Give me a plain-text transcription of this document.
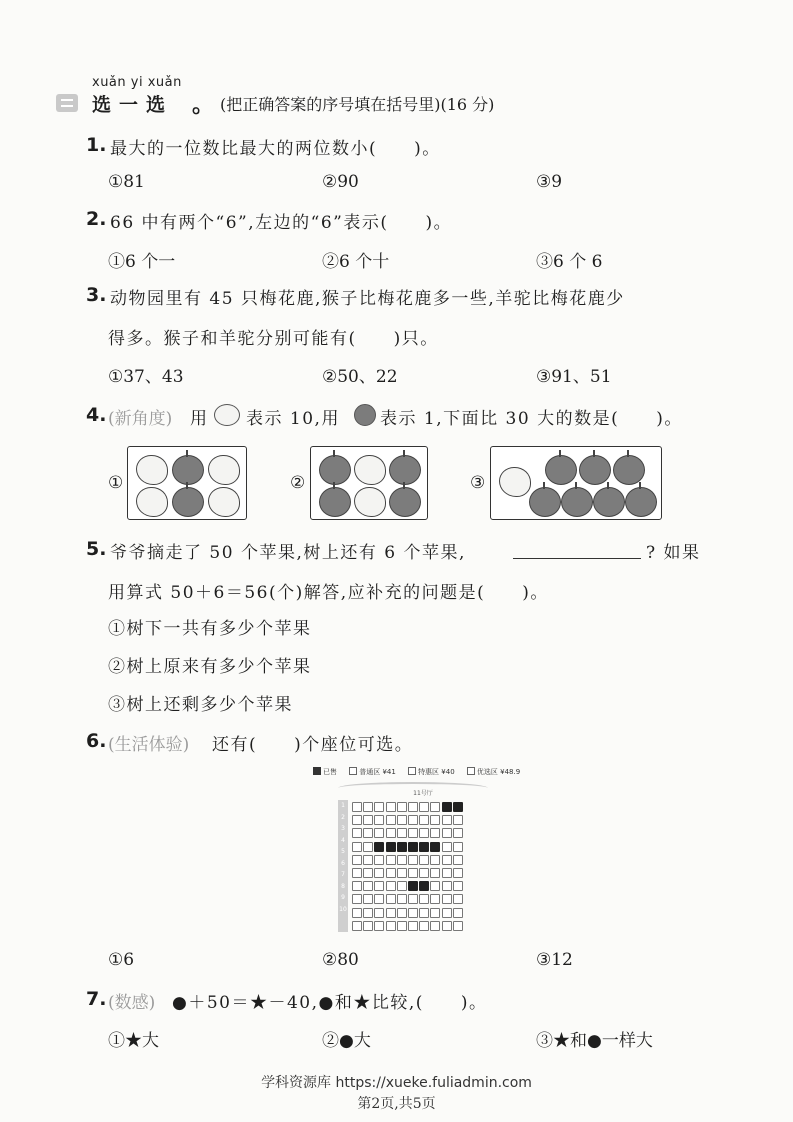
xuǎn yi xuǎn
选一选 。 (把正确答案的序号填在括号里)(16 分)
1. 最大的一位数比最大的两位数小(　　)。
①81	②90	③9
2. 66 中有两个“6”,左边的“6”表示(　　)。
①6 个一	②6 个十	③6 个 6
3. 动物园里有 45 只梅花鹿,猴子比梅花鹿多一些,羊驼比梅花鹿少
得多。猴子和羊驼分别可能有(　　)只。
①37、43	②50、22	③91、51
4. (新角度) 用 表示 10,用 表示 1,下面比 30 大的数是(　　)。
①	②	③
5. 爷爷摘走了 50 个苹果,树上还有 6 个苹果,	? 如果
用算式 50＋6＝56(个)解答,应补充的问题是(　　)。
①树下一共有多少个苹果
②树上原来有多少个苹果
③树上还剩多少个苹果
6. (生活体验) 还有(　　)个座位可选。
已售	普通区 ¥41	特惠区 ¥40	优选区 ¥48.9
11号厅
1
2
3
4
5
6
7
8
9
10
①6	②80	③12
7. (数感) ●＋50＝★－40,●和★比较,(　　)。
①★大	②●大	③★和●一样大
学科资源库 https://xueke.fuliadmin.com
第2页,共5页
